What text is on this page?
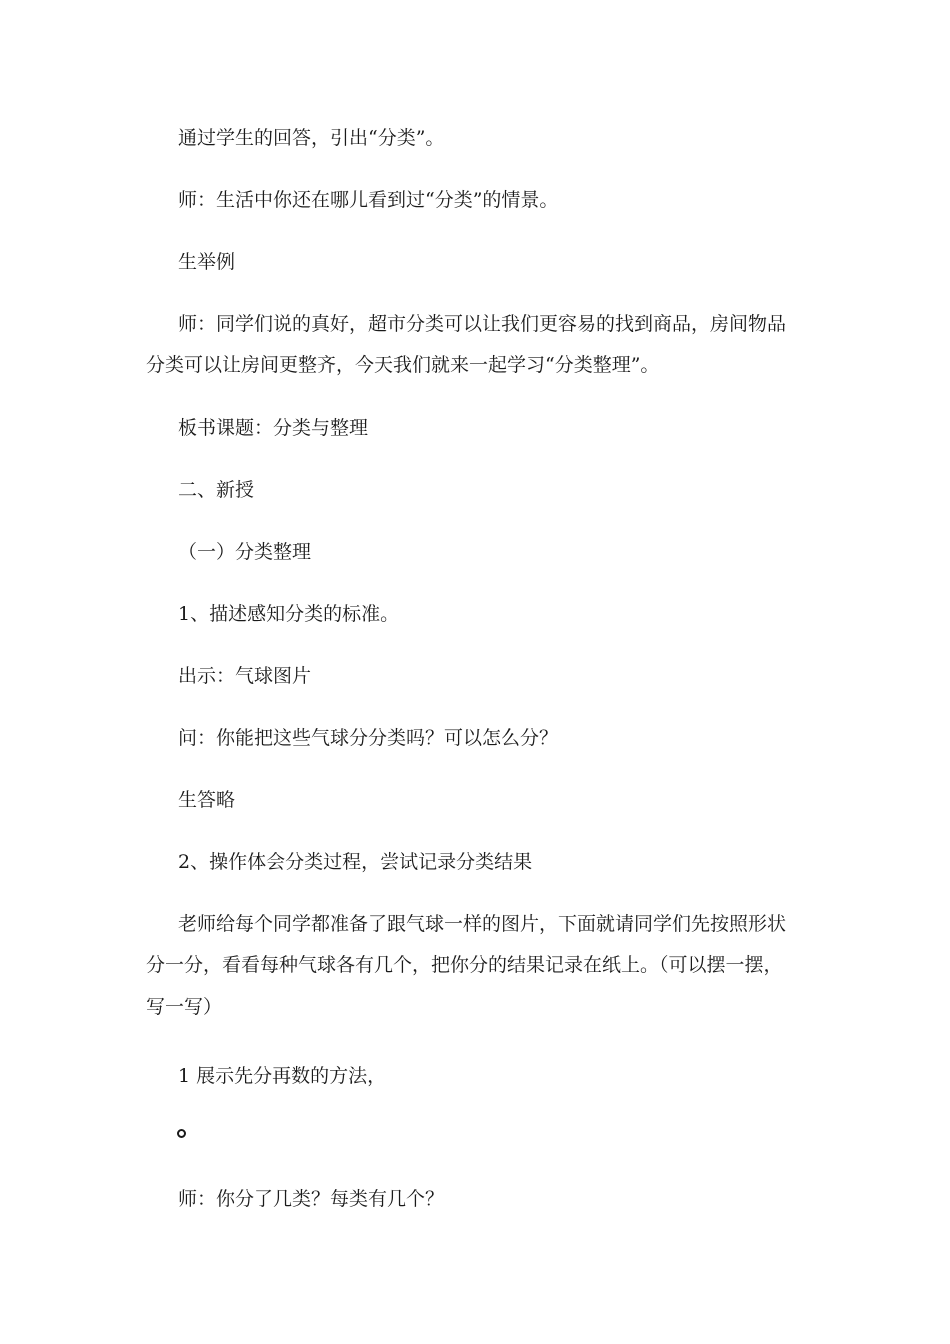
通过学生的回答，引出“分类”。
师：生活中你还在哪儿看到过“分类”的情景。
生举例
师：同学们说的真好，超市分类可以让我们更容易的找到商品，房间物品
分类可以让房间更整齐，今天我们就来一起学习“分类整理”。
板书课题：分类与整理
二、新授
（一）分类整理
1、描述感知分类的标准。
出示：气球图片
问：你能把这些气球分分类吗？可以怎么分？
生答略
2、操作体会分类过程，尝试记录分类结果
老师给每个同学都准备了跟气球一样的图片，下面就请同学们先按照形状
分一分，看看每种气球各有几个，把你分的结果记录在纸上。（可以摆一摆，
写一写）
1 展示先分再数的方法，
师：你分了几类？每类有几个？
